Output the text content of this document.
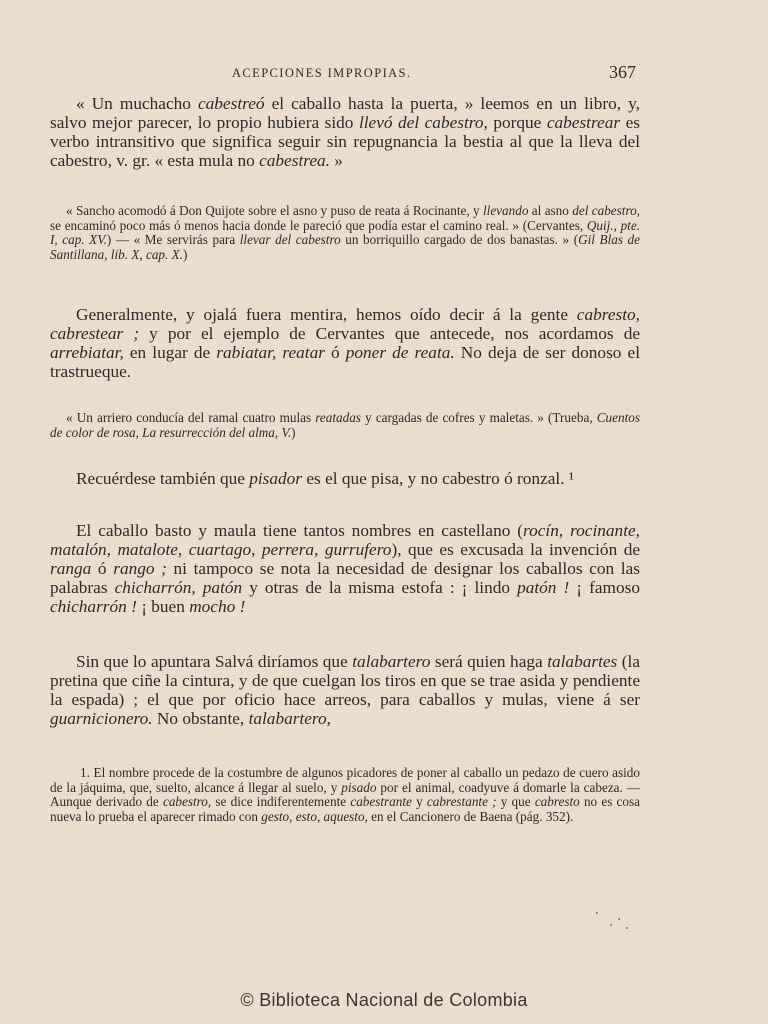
ACEPCIONES IMPROPIAS.	367

« Un muchacho cabestreó el caballo hasta la puerta, » leemos en un libro, y, salvo mejor parecer, lo propio hubiera sido llevó del cabestro, porque cabestrear es verbo intransitivo que significa seguir sin repugnancia la bestia al que la lleva del cabestro, v. gr. « esta mula no cabestrea. »

« Sancho acomodó á Don Quijote sobre el asno y puso de reata á Rocinante, y llevando al asno del cabestro, se encaminó poco más ó menos hacia donde le pareció que podía estar el camino real. » (Cervantes, Quij., pte. I, cap. XV.) — « Me servirás para llevar del cabestro un borriquillo cargado de dos banastas. » (Gil Blas de Santillana, lib. X, cap. X.)

Generalmente, y ojalá fuera mentira, hemos oído decir á la gente cabresto, cabrestear ; y por el ejemplo de Cervantes que antecede, nos acordamos de arrebiatar, en lugar de rabiatar, reatar ó poner de reata. No deja de ser donoso el trastrueque.

« Un arriero conducía del ramal cuatro mulas reatadas y cargadas de cofres y maletas. » (Trueba, Cuentos de color de rosa, La resurrección del alma, V.)

Recuérdese también que pisador es el que pisa, y no cabestro ó ronzal. ¹

El caballo basto y maula tiene tantos nombres en castellano (rocín, rocinante, matalón, matalote, cuartago, perrera, gurrufero), que es excusada la invención de ranga ó rango ; ni tampoco se nota la necesidad de designar los caballos con las palabras chicharrón, patón y otras de la misma estofa : ¡ lindo patón ! ¡ famoso chicharrón ! ¡ buen mocho !

Sin que lo apuntara Salvá diríamos que talabartero será quien haga talabartes (la pretina que ciñe la cintura, y de que cuelgan los tiros en que se trae asida y pendiente la espada) ; el que por oficio hace arreos, para caballos y mulas, viene á ser guarnicionero. No obstante, talabartero,

1. El nombre procede de la costumbre de algunos picadores de poner al caballo un pedazo de cuero asido de la jáquima, que, suelto, alcance á llegar al suelo, y pisado por el animal, coadyuve á domarle la cabeza. — Aunque derivado de cabestro, se dice indiferentemente cabestrante y cabrestante ; y que cabresto no es cosa nueva lo prueba el aparecer rimado con gesto, esto, aquesto, en el Cancionero de Baena (pág. 352).

© Biblioteca Nacional de Colombia
